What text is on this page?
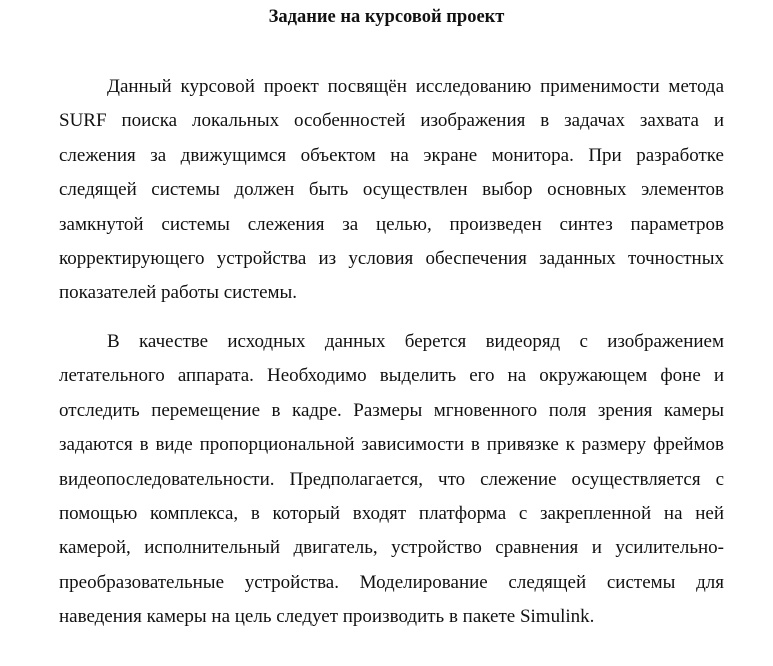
Задание на курсовой проект

Данный курсовой проект посвящён исследованию применимости метода SURF поиска локальных особенностей изображения в задачах захвата и слежения за движущимся объектом на экране монитора. При разработке следящей системы должен быть осуществлен выбор основных элементов замкнутой системы слежения за целью, произведен синтез параметров корректирующего устройства из условия обеспечения заданных точностных показателей работы системы.

В качестве исходных данных берется видеоряд с изображением летательного аппарата. Необходимо выделить его на окружающем фоне и отследить перемещение в кадре. Размеры мгновенного поля зрения камеры задаются в виде пропорциональной зависимости в привязке к размеру фреймов видеопоследовательности. Предполагается, что слежение осуществляется с помощью комплекса, в который входят платформа с закрепленной на ней камерой, исполнительный двигатель, устройство сравнения и усилительно-преобразовательные устройства. Моделирование следящей системы для наведения камеры на цель следует производить в пакете Simulink.
